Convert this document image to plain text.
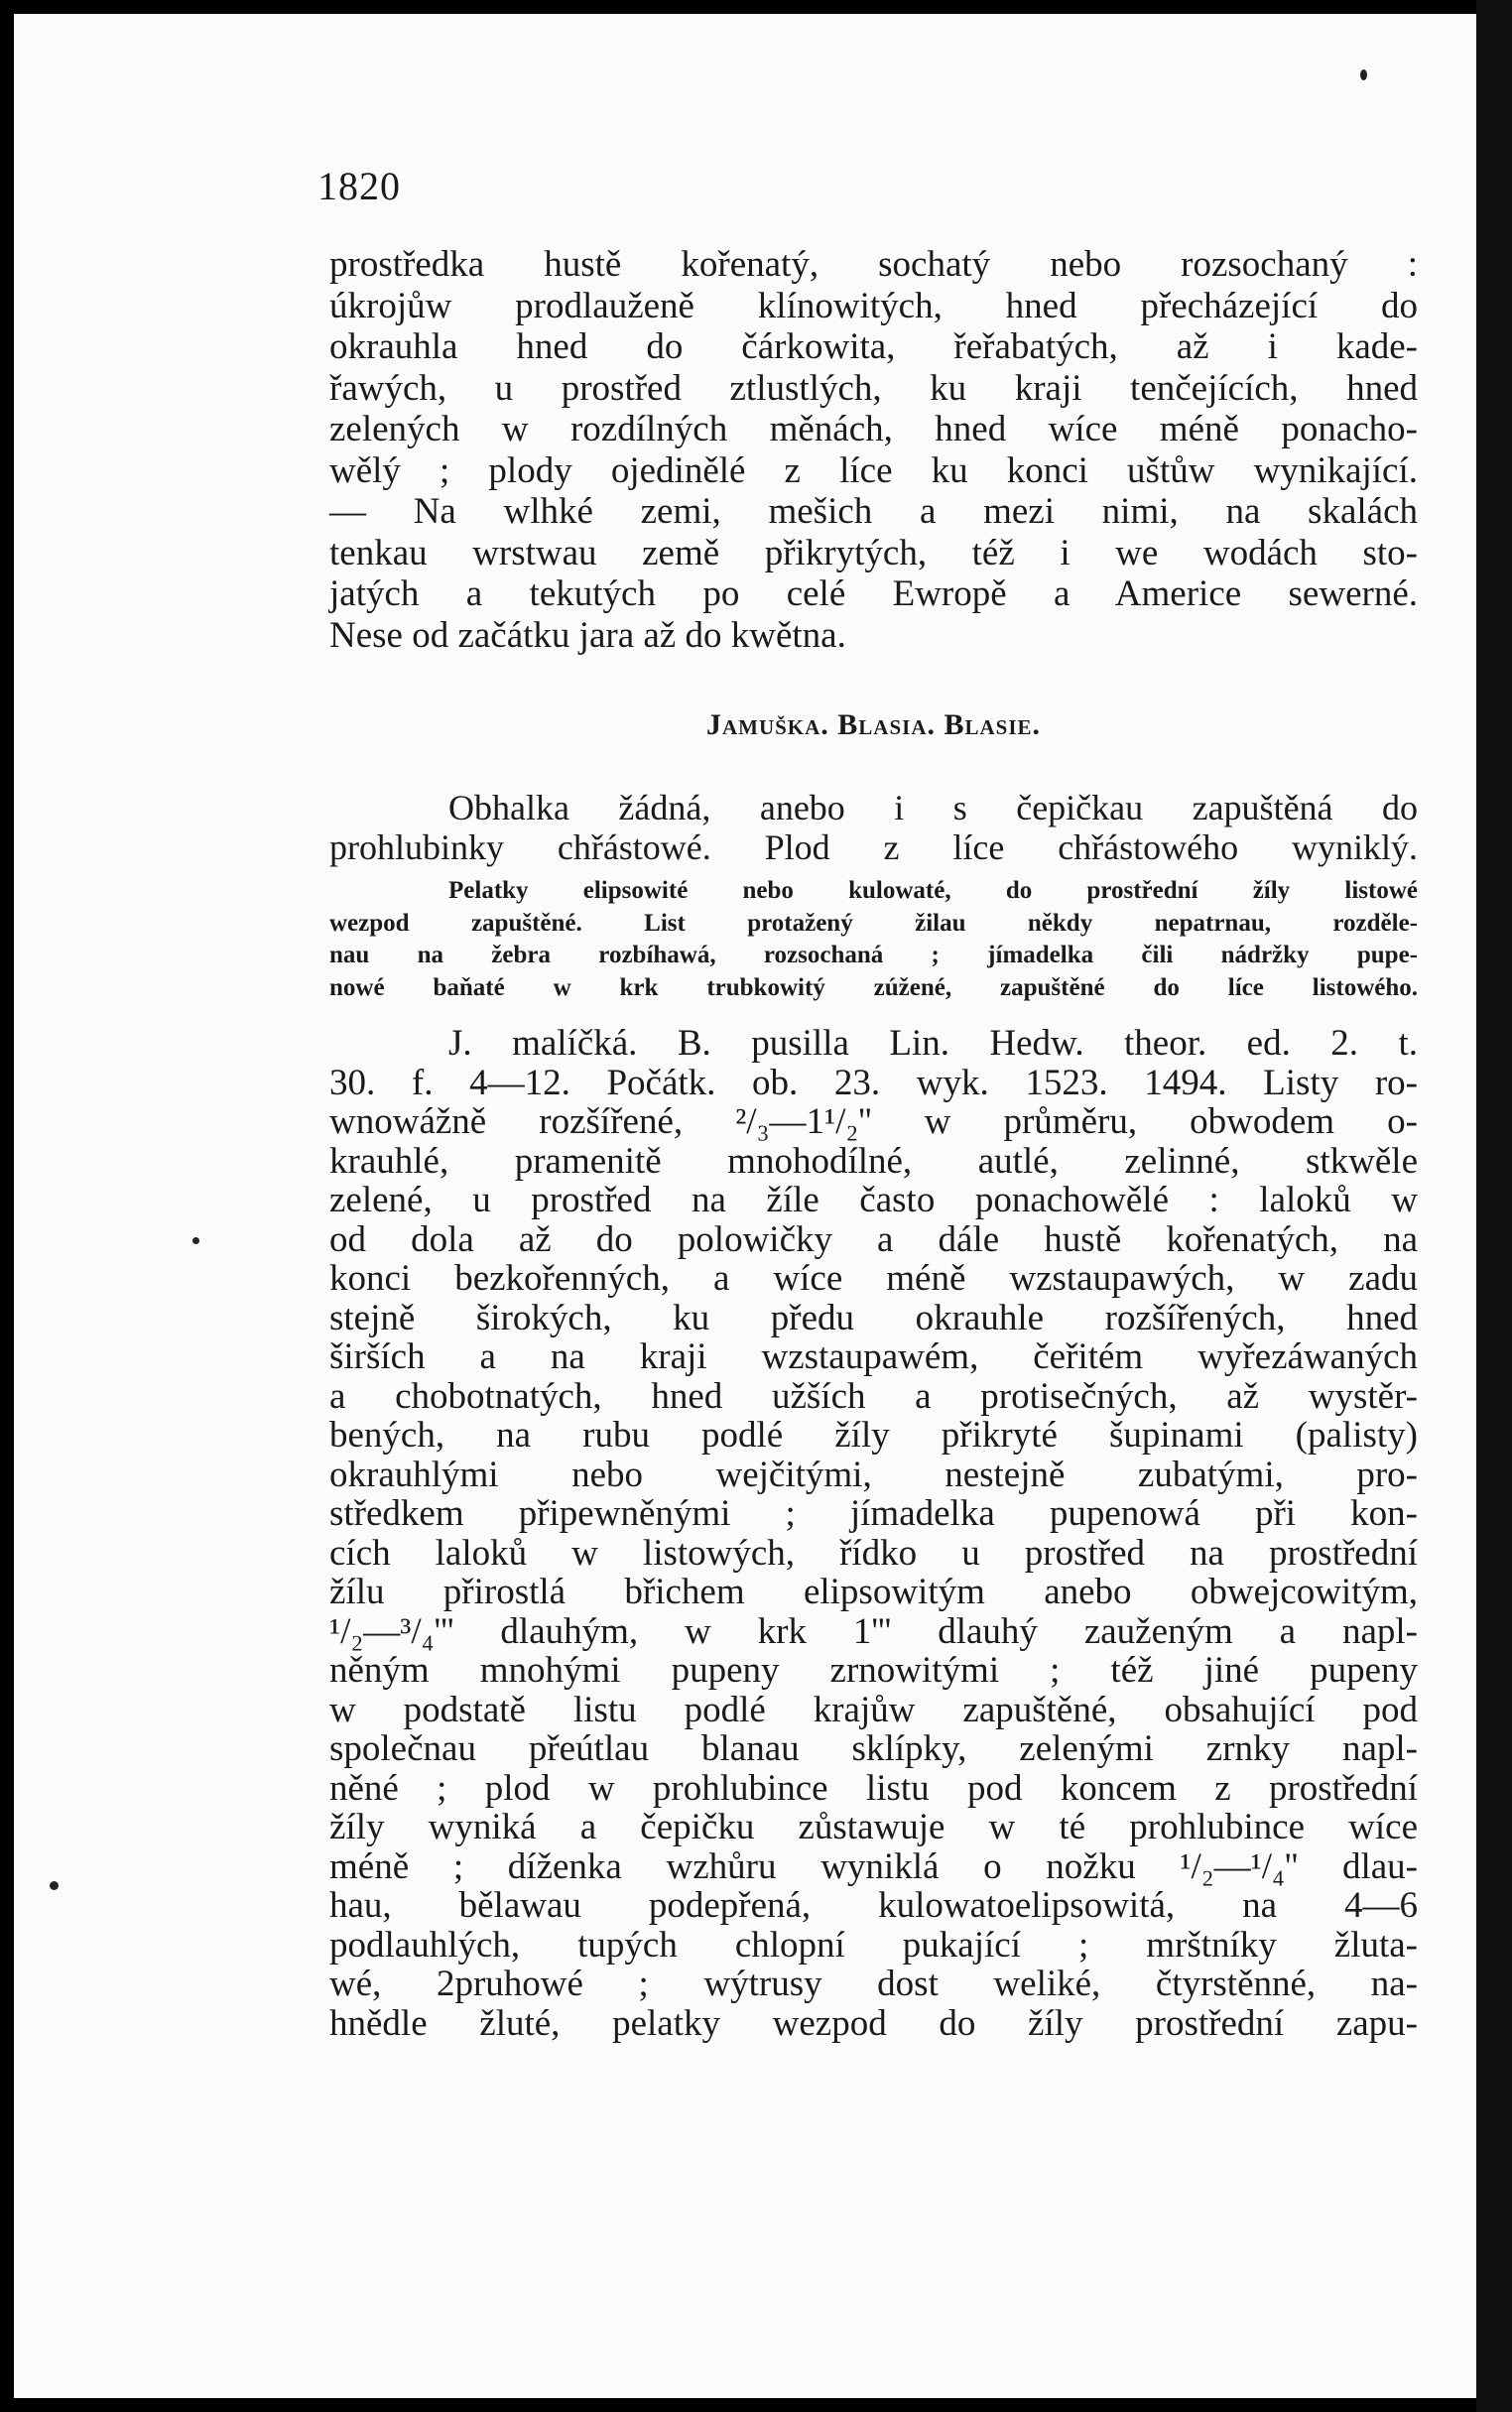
1820
prostředka hustě kořenatý, sochatý nebo rozsochaný :
úkrojůw prodlauženě klínowitých, hned přecházející do
okrauhla hned do čárkowita, řeřabatých, až i kade-
řawých, u prostřed ztlustlých, ku kraji tenčejících, hned
zelených w rozdílných měnách, hned wíce méně ponacho-
wělý ; plody ojedinělé z líce ku konci uštůw wynikající.
— Na wlhké zemi, mešich a mezi nimi, na skalách
tenkau wrstwau země přikrytých, též i we wodách sto-
jatých a tekutých po celé Ewropě a Americe sewerné.
Nese od začátku jara až do kwětna.
Jamuška. Blasia. Blasie.
Obhalka žádná, anebo i s čepičkau zapuštěná do
prohlubinky chřástowé. Plod z líce chřástowého wyniklý.
Pelatky elipsowité nebo kulowaté, do prostřední žíly listowé
wezpod zapuštěné. List protažený žilau někdy nepatrnau, rozděle-
nau na žebra rozbíhawá, rozsochaná ; jímadelka čili nádržky pupe-
nowé baňaté w krk trubkowitý zúžené, zapuštěné do líce listowého.
J. malíčká. B. pusilla Lin. Hedw. theor. ed. 2. t.
30. f. 4—12. Počátk. ob. 23. wyk. 1523. 1494. Listy ro-
wnowážně rozšířené, ²/₃—1¹/₂'' w průměru, obwodem o-
krauhlé, pramenitě mnohodílné, autlé, zelinné, stkwěle
zelené, u prostřed na žíle často ponachowělé : laloků w
od dola až do polowičky a dále hustě kořenatých, na
konci bezkořenných, a wíce méně wzstaupawých, w zadu
stejně širokých, ku předu okrauhle rozšířených, hned
širších a na kraji wzstaupawém, čeřitém wyřezáwaných
a chobotnatých, hned užších a protisečných, až wystěr-
bených, na rubu podlé žíly přikryté šupinami (palisty)
okrauhlými nebo wejčitými, nestejně zubatými, pro-
středkem připewněnými ; jímadelka pupenowá při kon-
cích laloků w listowých, řídko u prostřed na prostřední
žílu přirostlá břichem elipsowitým anebo obwejcowitým,
¹/₂—³/₄''' dlauhým, w krk 1''' dlauhý zauženým a napl-
něným mnohými pupeny zrnowitými ; též jiné pupeny
w podstatě listu podlé krajůw zapuštěné, obsahující pod
společnau přeútlau blanau sklípky, zelenými zrnky napl-
něné ; plod w prohlubince listu pod koncem z prostřední
žíly wyniká a čepičku zůstawuje w té prohlubince wíce
méně ; díženka wzhůru wyniklá o nožku ¹/₂—¹/₄'' dlau-
hau, bělawau podepřená, kulowatoelipsowitá, na 4—6
podlauhlých, tupých chlopní pukající ; mrštníky žlutа-
wé, 2pruhowé ; wýtrusy dost weliké, čtyrstěnné, na-
hnědle žluté, pelatky wezpod do žíly prostřední zapu-
